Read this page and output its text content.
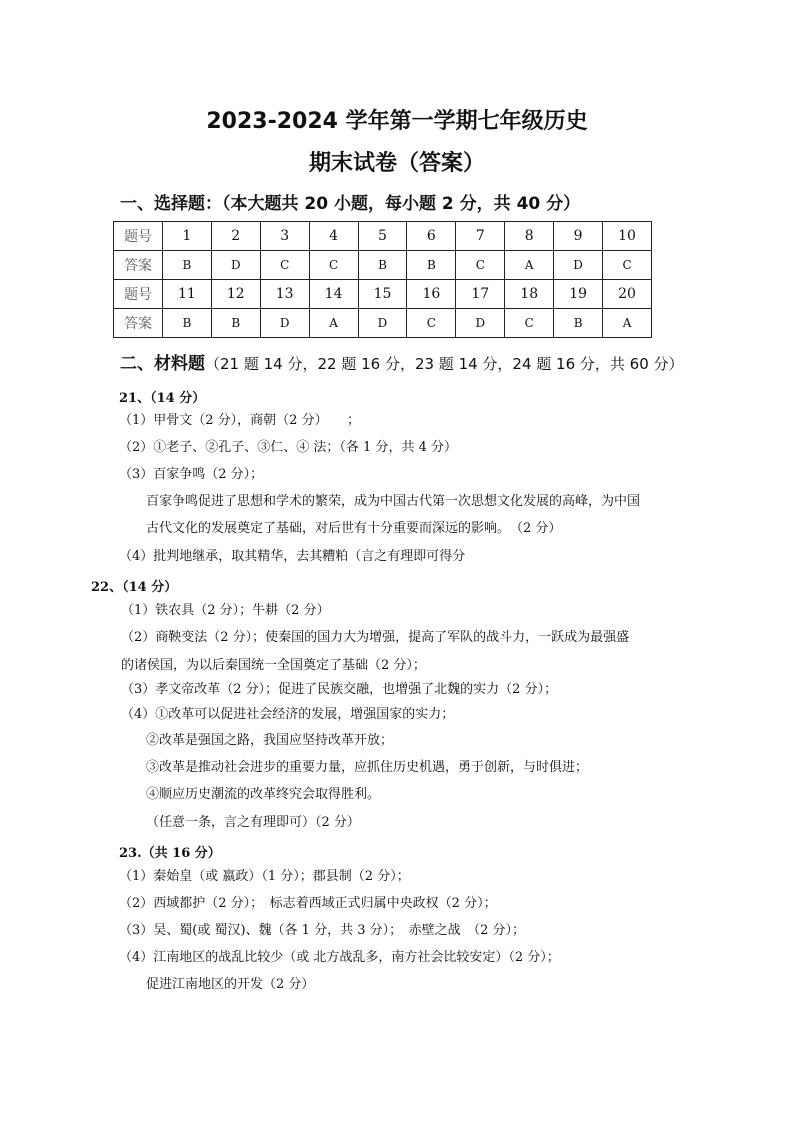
2023-2024 学年第一学期七年级历史
期末试卷（答案）
一、选择题：（本大题共 20 小题，每小题 2 分，共 40 分）
题号	1	2	3	4	5	6	7	8	9	10
答案	B	D	C	C	B	B	C	A	D	C
题号	11	12	13	14	15	16	17	18	19	20
答案	B	B	D	A	D	C	D	C	B	A
二、材料题（21 题 14 分，22 题 16 分，23 题 14 分，24 题 16 分，共 60 分）
21、（14 分）
（1）甲骨文（2 分），商朝（2 分）　　；
（2）①老子、②孔子、③仁、④ 法；（各 1 分，共 4 分）
（3）百家争鸣（2 分）；
百家争鸣促进了思想和学术的繁荣，成为中国古代第一次思想文化发展的高峰，为中国
古代文化的发展奠定了基础，对后世有十分重要而深远的影响。　（2 分）
（4）批判地继承，取其精华，去其糟粕（言之有理即可得分
22、（14 分）
（1）铁农具（2 分）；牛耕（2 分）
（2）商鞅变法（2 分）；使秦国的国力大为增强，提高了军队的战斗力，一跃成为最强盛
的诸侯国，为以后秦国统一全国奠定了基础（2 分）；
（3）孝文帝改革（2 分）；促进了民族交融，也增强了北魏的实力（2 分）；
（4）①改革可以促进社会经济的发展，增强国家的实力；
②改革是强国之路，我国应坚持改革开放；
③改革是推动社会进步的重要力量，应抓住历史机遇，勇于创新，与时俱进；
④顺应历史潮流的改革终究会取得胜利。
（任意一条，言之有理即可）（2 分）
23.（共 16 分）
（1）秦始皇（或 嬴政）（1 分）；郡县制（2 分）；
（2）西域都护（2 分）；　标志着西域正式归属中央政权（2 分）；
（3）吴、蜀(或 蜀汉)、魏（各 1 分，共 3 分）；　赤壁之战　（2 分）；
（4）江南地区的战乱比较少（或 北方战乱多，南方社会比较安定）（2 分）；
促进江南地区的开发（2 分）
